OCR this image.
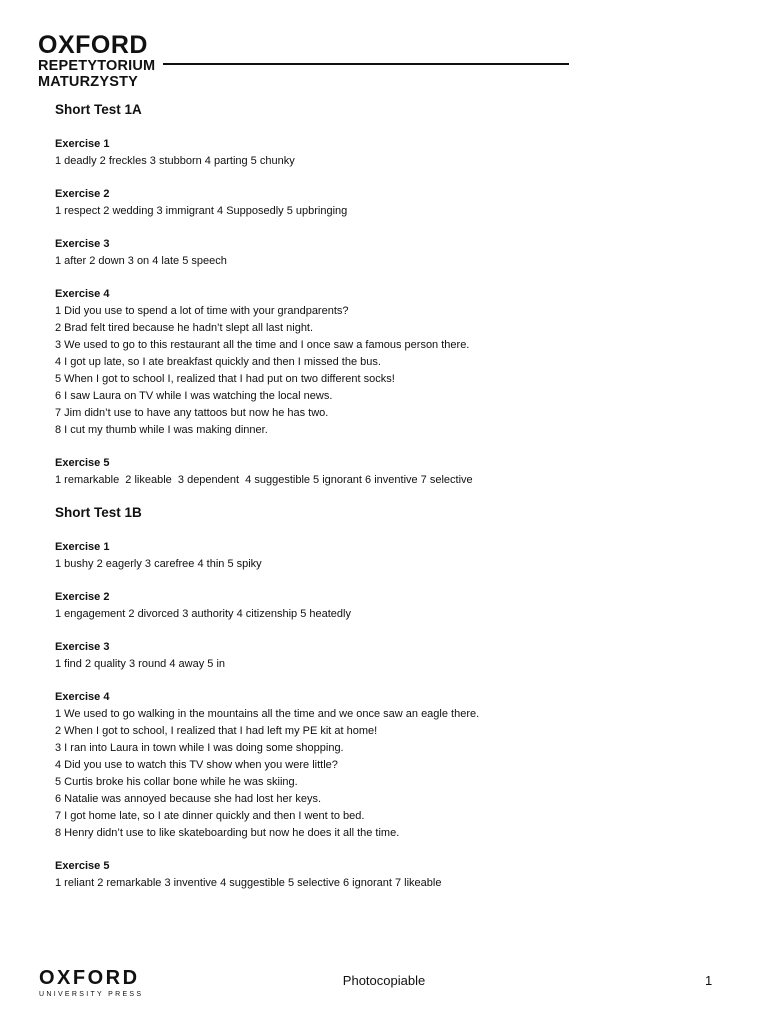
OXFORD
REPETYTORIUM
MATURZYSTY
Short Test 1A
Exercise 1
1 deadly 2 freckles 3 stubborn 4 parting 5 chunky
Exercise 2
1 respect 2 wedding 3 immigrant 4 Supposedly 5 upbringing
Exercise 3
1 after 2 down 3 on 4 late 5 speech
Exercise 4
1 Did you use to spend a lot of time with your grandparents?
2 Brad felt tired because he hadn’t slept all last night.
3 We used to go to this restaurant all the time and I once saw a famous person there.
4 I got up late, so I ate breakfast quickly and then I missed the bus.
5 When I got to school I, realized that I had put on two different socks!
6 I saw Laura on TV while I was watching the local news.
7 Jim didn’t use to have any tattoos but now he has two.
8 I cut my thumb while I was making dinner.
Exercise 5
1 remarkable  2 likeable  3 dependent  4 suggestible 5 ignorant 6 inventive 7 selective
Short Test 1B
Exercise 1
1 bushy 2 eagerly 3 carefree 4 thin 5 spiky
Exercise 2
1 engagement 2 divorced 3 authority 4 citizenship 5 heatedly
Exercise 3
1 find 2 quality 3 round 4 away 5 in
Exercise 4
1 We used to go walking in the mountains all the time and we once saw an eagle there.
2 When I got to school, I realized that I had left my PE kit at home!
3 I ran into Laura in town while I was doing some shopping.
4 Did you use to watch this TV show when you were little?
5 Curtis broke his collar bone while he was skiing.
6 Natalie was annoyed because she had lost her keys.
7 I got home late, so I ate dinner quickly and then I went to bed.
8 Henry didn’t use to like skateboarding but now he does it all the time.
Exercise 5
1 reliant 2 remarkable 3 inventive 4 suggestible 5 selective 6 ignorant 7 likeable
OXFORD
UNIVERSITY PRESS
Photocopiable	1
